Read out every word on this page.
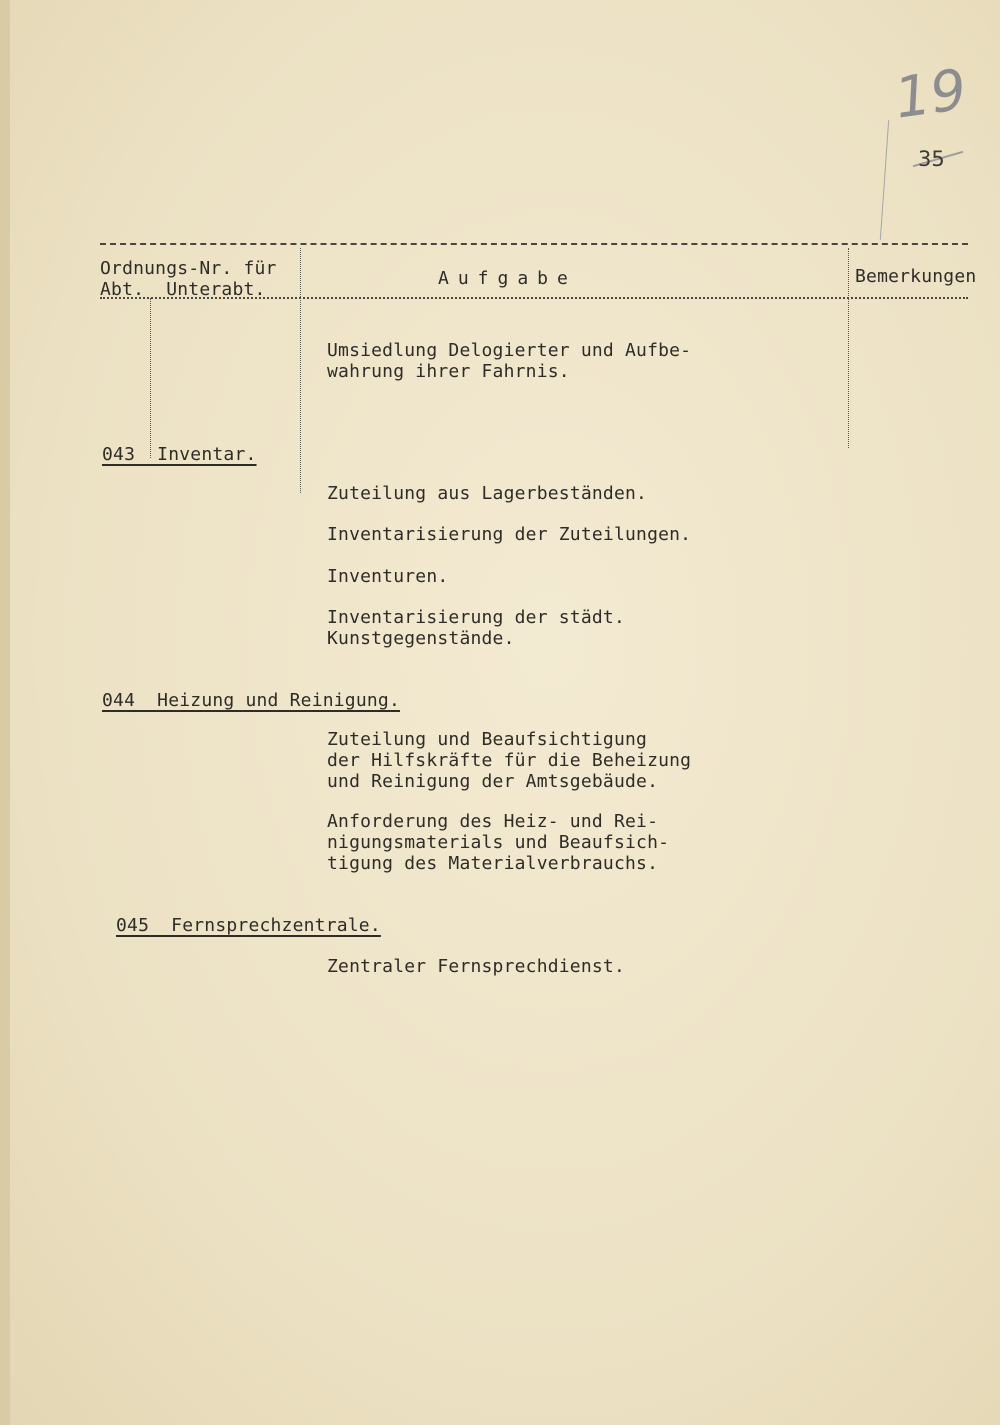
19
35
Ordnungs-Nr. für
Abt.  Unterabt.
Aufgabe	Bemerkungen
Umsiedlung Delogierter und Aufbe-
wahrung ihrer Fahrnis.
043  Inventar.
Zuteilung aus Lagerbeständen.
Inventarisierung der Zuteilungen.
Inventuren.
Inventarisierung der städt.
Kunstgegenstände.
044  Heizung und Reinigung.
Zuteilung und Beaufsichtigung
der Hilfskräfte für die Beheizung
und Reinigung der Amtsgebäude.
Anforderung des Heiz- und Rei-
nigungsmaterials und Beaufsich-
tigung des Materialverbrauchs.
045  Fernsprechzentrale.
Zentraler Fernsprechdienst.
